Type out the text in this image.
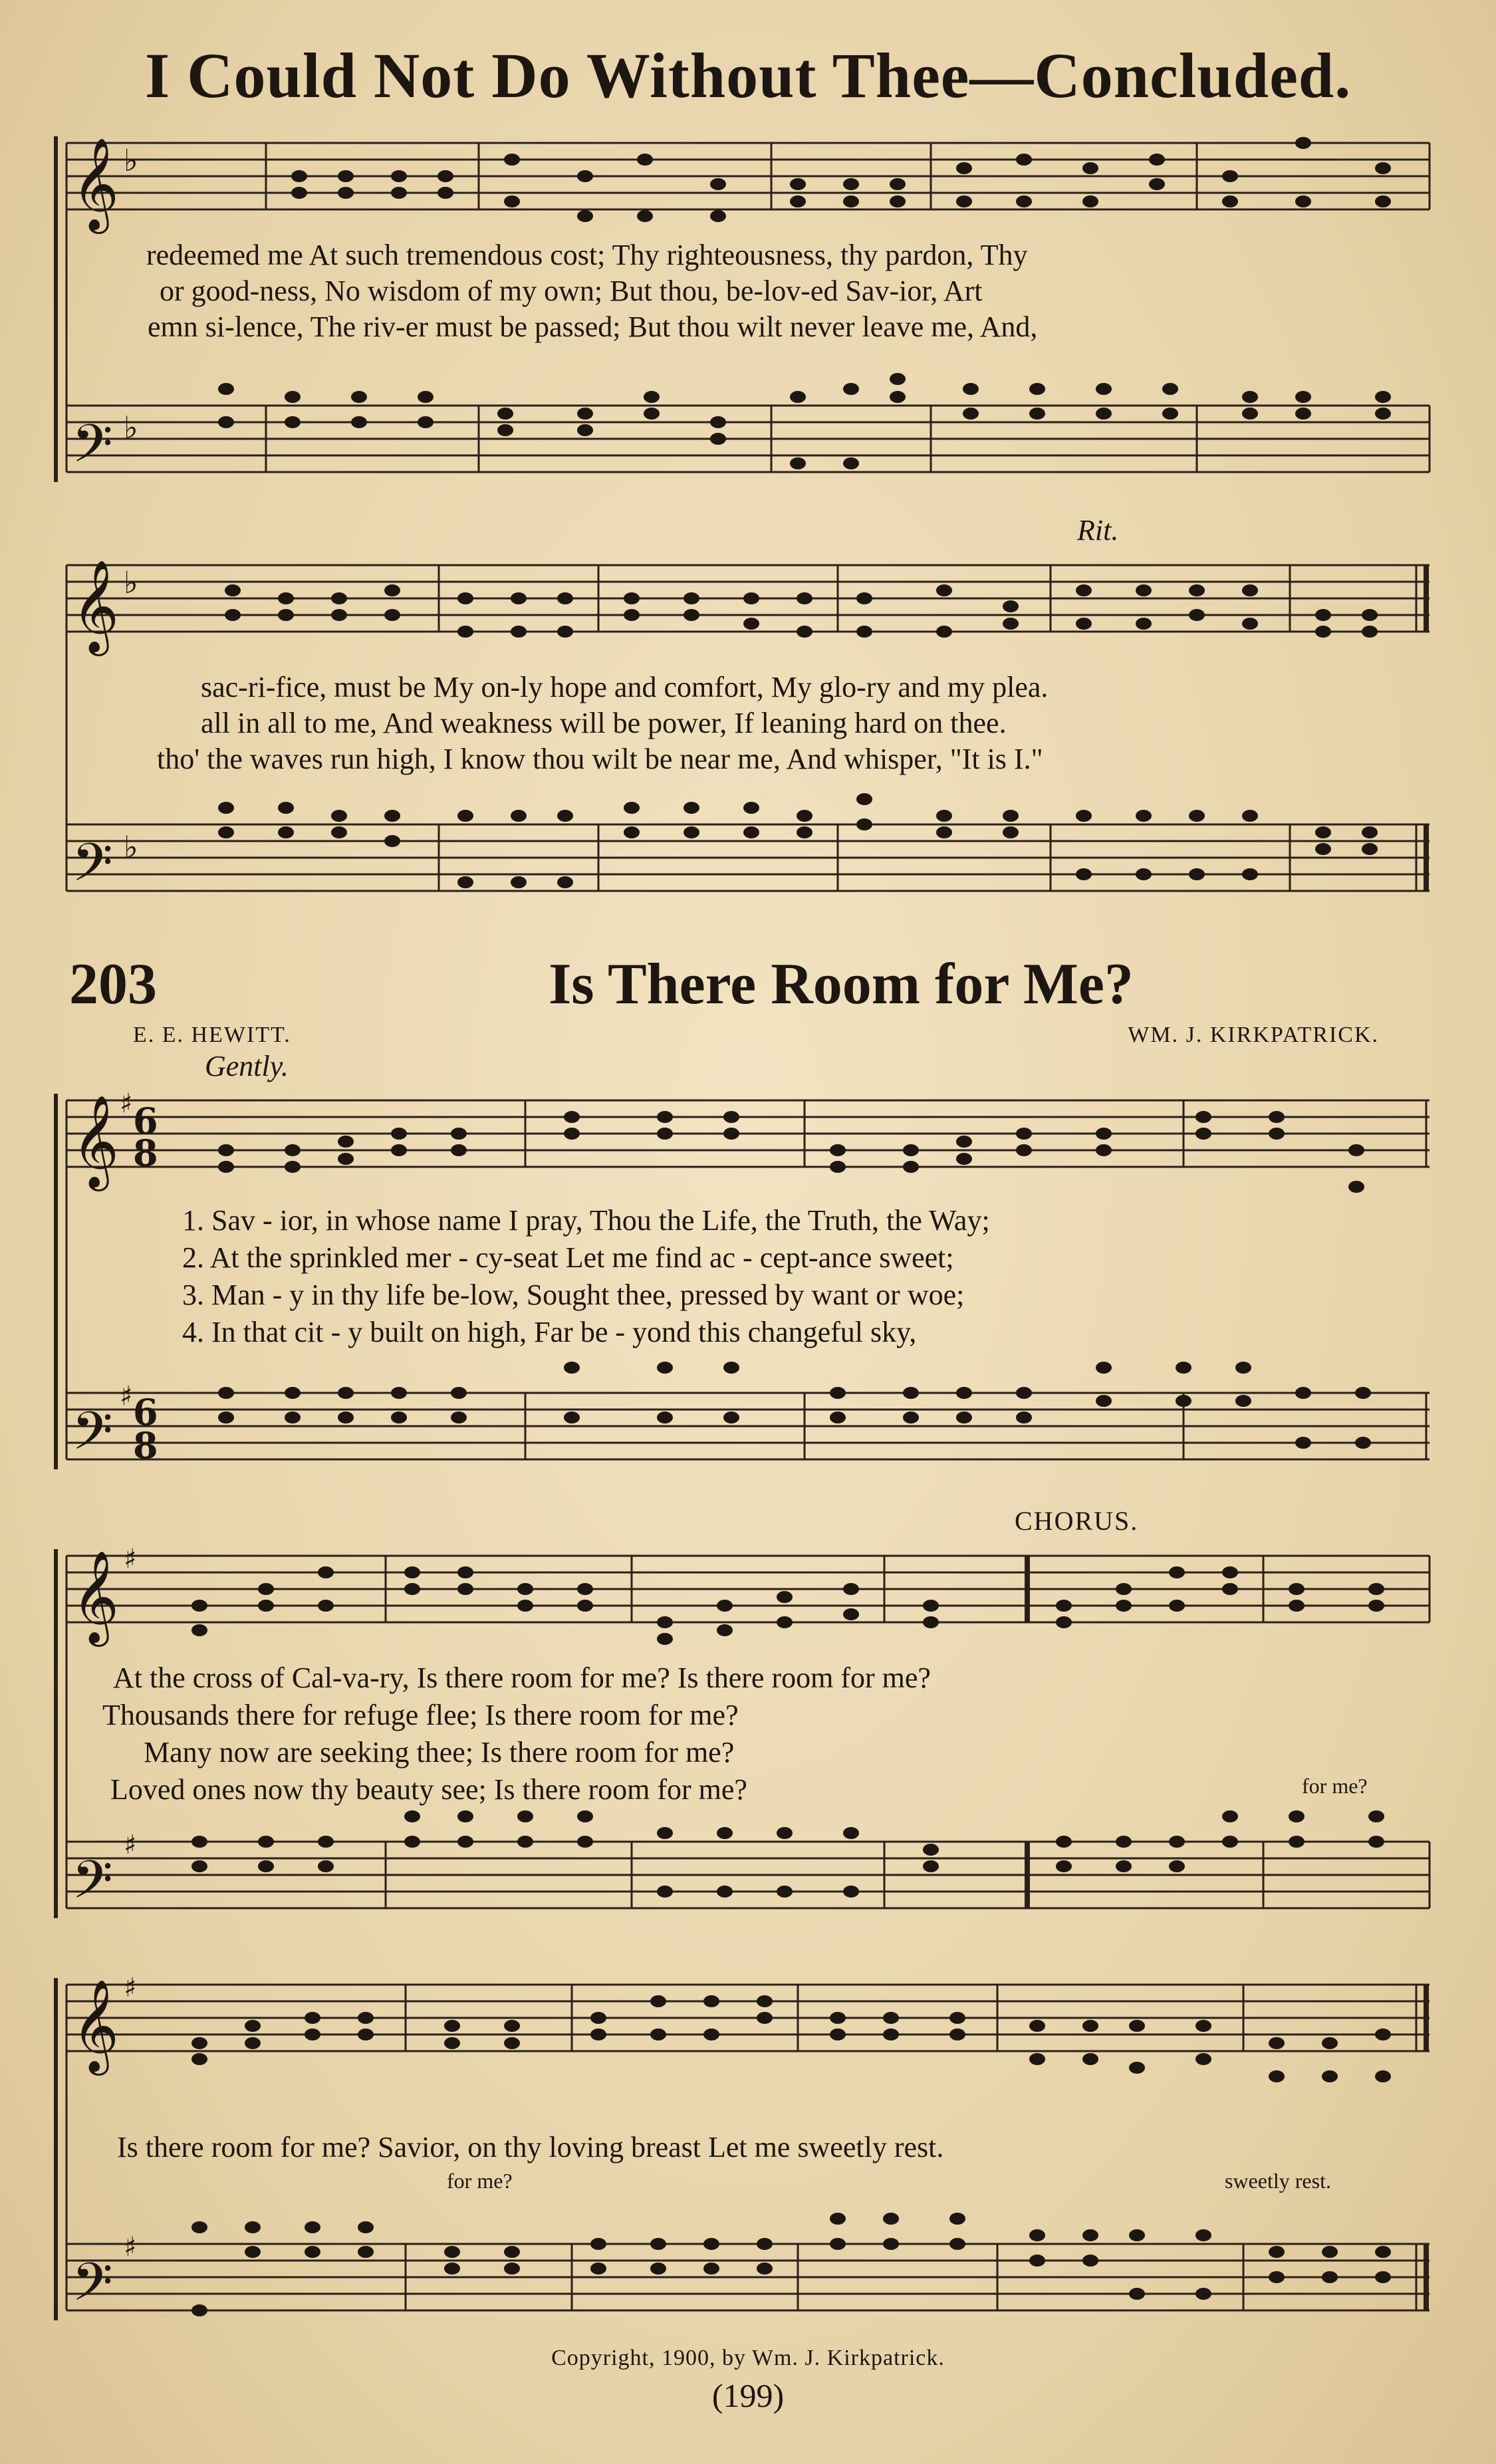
I Could Not Do Without Thee—Concluded.
𝄞
𝄢
♭
♭
redeemed me At such tremendous cost; Thy righteousness, thy pardon, Thy
or good-ness, No wisdom of my own; But thou, be-lov-ed Sav-ior, Art
emn si-lence, The riv-er must be passed; But thou wilt never leave me, And,
Rit.
𝄞
𝄢
♭
♭
sac-ri-fice, must be My on-ly hope and comfort, My glo-ry and my plea.
all in all to me, And weakness will be power, If leaning hard on thee.
tho' the waves run high, I know thou wilt be near me, And whisper, "It is I."
203	Is There Room for Me?
E. E. HEWITT.	WM. J. KIRKPATRICK.
Gently.
𝄞
𝄢
♯ 6
8
♯ 6
8
1. Sav - ior, in whose name I pray, Thou the Life, the Truth, the Way;
2. At the sprinkled mer - cy-seat Let me find ac - cept-ance sweet;
3. Man - y in thy life be-low, Sought thee, pressed by want or woe;
4. In that cit - y built on high, Far be - yond this changeful sky,
CHORUS.
𝄞
𝄢
♯
♯
At the cross of Cal-va-ry, Is there room for me? Is there room for me?
Thousands there for refuge flee; Is there room for me?
Many now are seeking thee; Is there room for me?
Loved ones now thy beauty see; Is there room for me?	for me?
𝄞
𝄢
♯
♯
Is there room for me? Savior, on thy loving breast Let me sweetly rest.
for me?	sweetly rest.
Copyright, 1900, by Wm. J. Kirkpatrick.
(199)
